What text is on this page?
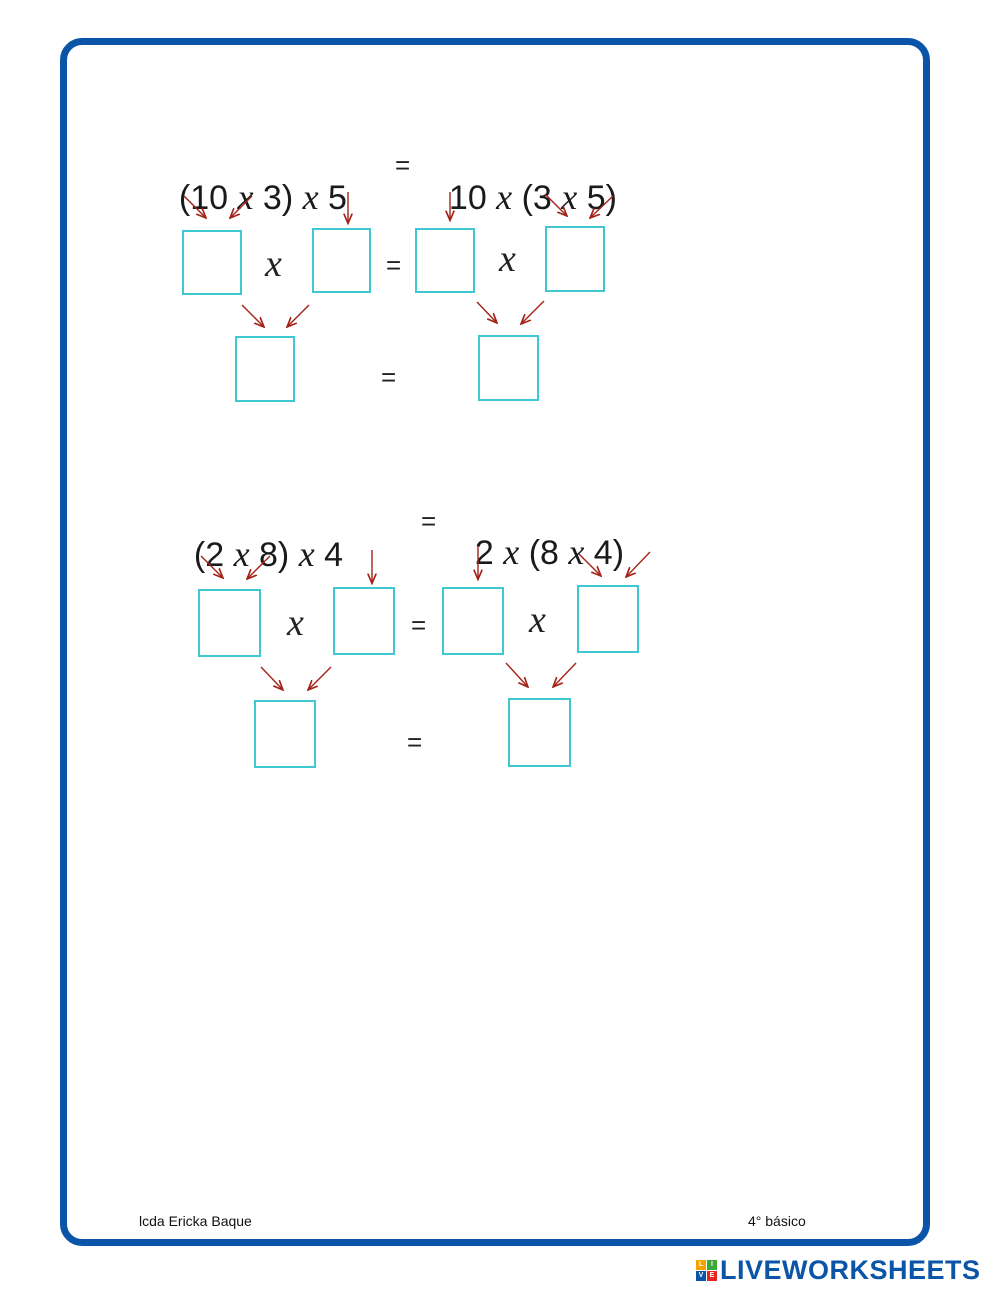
(10 x 3) x 5

=

10 x (3 x 5)

x	=	x
=

(2 x 8) x 4

=

2 x (8 x 4)

x	=	x
=
lcda Ericka Baque	4° básico
L	I
V E LIVEWORKSHEETS
